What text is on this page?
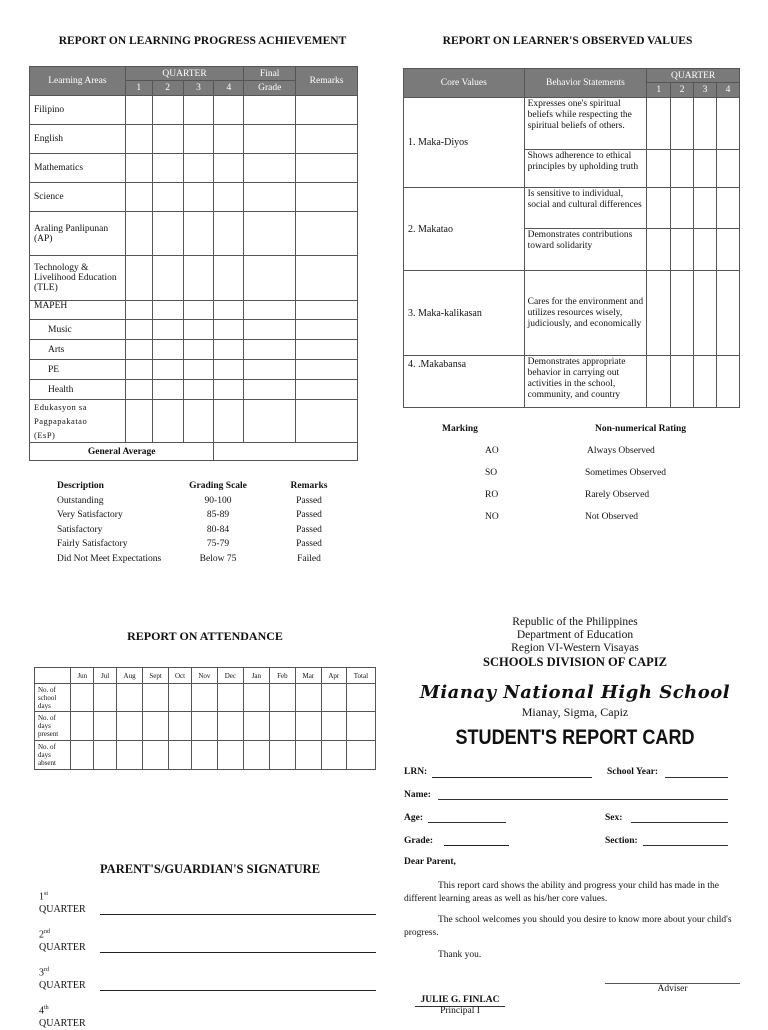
REPORT ON LEARNING PROGRESS ACHIEVEMENT
Learning Areas	QUARTER				Final	Remarks
	1	2	3	4	Grade	
Filipino						
English						
Mathematics						
Science						
Araling Panlipunan (AP)						
Technology & Livelihood Education (TLE)						
MAPEH						
Music						
Arts						
PE						
Health						
Edukasyon sa
Pagpapakatao
(EsP)						
General Average						
Description	Grading Scale	Remarks
Outstanding	90-100	Passed
Very Satisfactory	85-89	Passed
Satisfactory	80-84	Passed
Fairly Satisfactory	75-79	Passed
Did Not Meet Expectations	Below 75	Failed
REPORT ON LEARNER'S OBSERVED VALUES
Core Values	Behavior Statements	QUARTER			
		1	2	3	4
1. Maka-Diyos	Expresses one's spiritual beliefs while respecting the spiritual beliefs of others.				
	Shows adherence to ethical principles by upholding truth				
2. Makatao	Is sensitive to individual, social and cultural differences				
	Demonstrates contributions toward solidarity				
3. Maka-kalikasan	Cares for the environment and utilizes resources wisely, judiciously, and economically				
4. .Makabansa	Demonstrates appropriate behavior in carrying out activities in the school, community, and country				
Marking	Non-numerical Rating
AO	Always Observed
SO	Sometimes Observed
RO	Rarely Observed
NO	Not Observed
REPORT ON ATTENDANCE
	Jun	Jul	Aug	Sept	Oct	Nov	Dec	Jan	Feb	Mar	Apr	Total
No. of school days												
No. of days present												
No. of days absent												
PARENT'S/GUARDIAN'S SIGNATURE
1st
QUARTER
2nd
QUARTER
3rd
QUARTER
4th
QUARTER
Republic of the Philippines
Department of Education
Region VI-Western Visayas
SCHOOLS DIVISION OF CAPIZ
Mianay National High School
Mianay, Sigma, Capiz
STUDENT'S REPORT CARD
LRN:	School Year:
Name:
Age:	Sex:
Grade:	Section:
Dear Parent,
This report card shows the ability and progress your child has made in the different learning areas as well as his/her core values.
The school welcomes you should you desire to know more about your child's progress.
Thank you.
Adviser
JULIE G. FINLAC
Principal I
